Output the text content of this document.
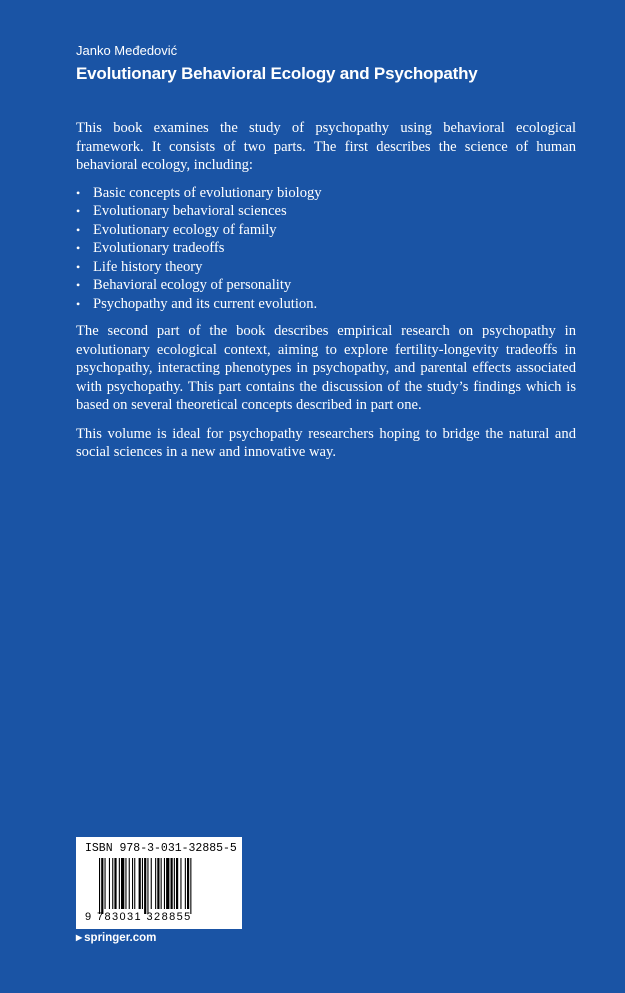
Janko Međedović
Evolutionary Behavioral Ecology and Psychopathy

This book examines the study of psychopathy using behavioral ecological framework. It consists of two parts. The first describes the science of human behavioral ecology, including:

• Basic concepts of evolutionary biology
• Evolutionary behavioral sciences
• Evolutionary ecology of family
• Evolutionary tradeoffs
• Life history theory
• Behavioral ecology of personality
• Psychopathy and its current evolution.

The second part of the book describes empirical research on psychopathy in evolutionary ecological context, aiming to explore fertility-longevity tradeoffs in psychopathy, interacting phenotypes in psychopathy, and parental effects associated with psychopathy. This part contains the discussion of the study’s findings which is based on several theoretical concepts described in part one.

This volume is ideal for psychopathy researchers hoping to bridge the natural and social sciences in a new and innovative way.

ISBN 978-3-031-32885-5
9 783031 328855
▶ springer.com
